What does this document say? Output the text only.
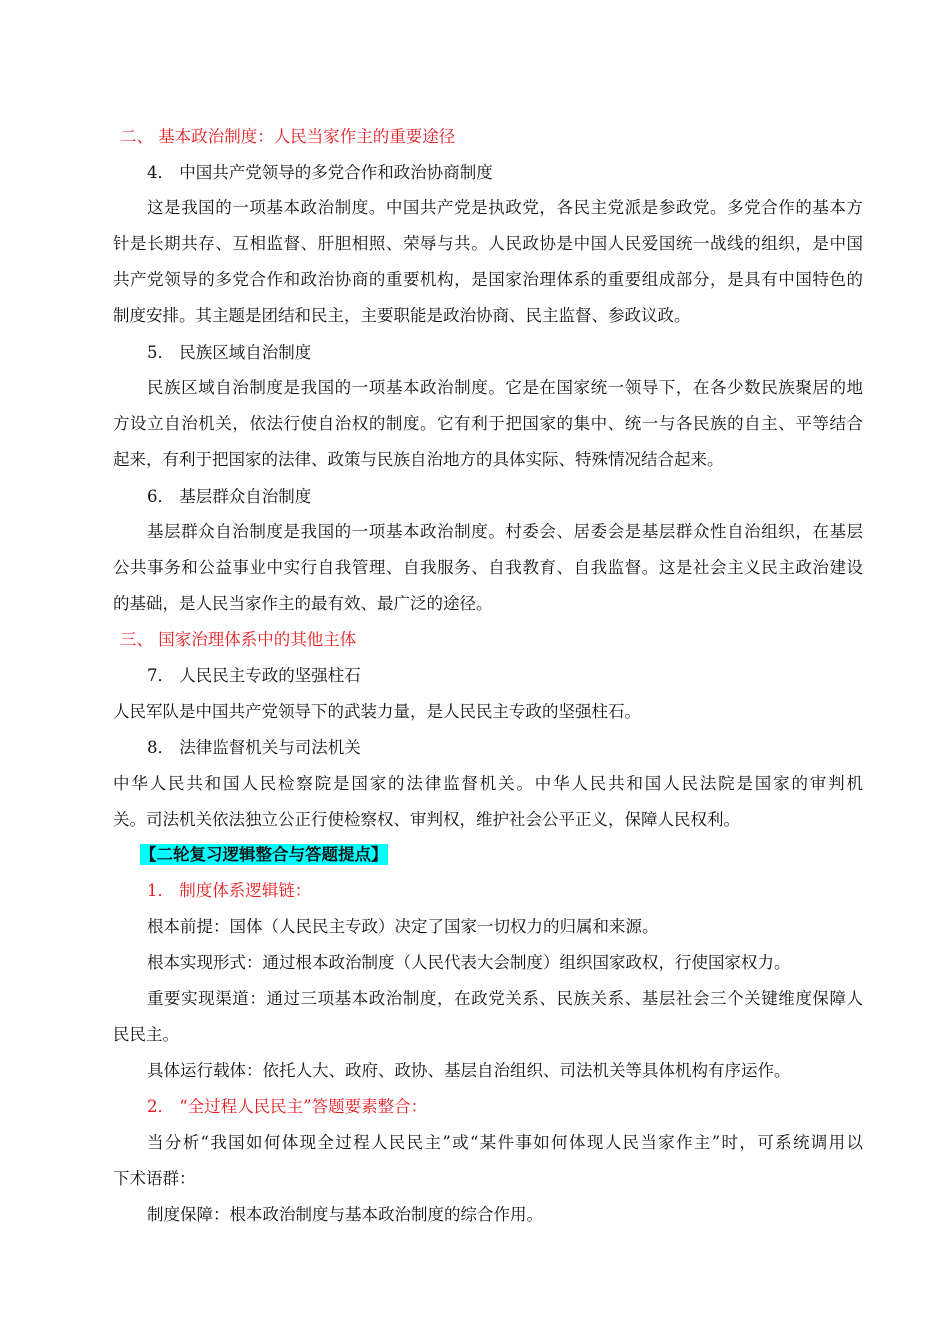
二、 基本政治制度：人民当家作主的重要途径
4． 中国共产党领导的多党合作和政治协商制度
这是我国的一项基本政治制度。中国共产党是执政党，各民主党派是参政党。多党合作的基本方
针是长期共存、互相监督、肝胆相照、荣辱与共。人民政协是中国人民爱国统一战线的组织，是中国
共产党领导的多党合作和政治协商的重要机构，是国家治理体系的重要组成部分，是具有中国特色的
制度安排。其主题是团结和民主，主要职能是政治协商、民主监督、参政议政。
5． 民族区域自治制度
民族区域自治制度是我国的一项基本政治制度。它是在国家统一领导下，在各少数民族聚居的地
方设立自治机关，依法行使自治权的制度。它有利于把国家的集中、统一与各民族的自主、平等结合
起来，有利于把国家的法律、政策与民族自治地方的具体实际、特殊情况结合起来。
6． 基层群众自治制度
基层群众自治制度是我国的一项基本政治制度。村委会、居委会是基层群众性自治组织，在基层
公共事务和公益事业中实行自我管理、自我服务、自我教育、自我监督。这是社会主义民主政治建设
的基础，是人民当家作主的最有效、最广泛的途径。
三、 国家治理体系中的其他主体
7． 人民民主专政的坚强柱石
人民军队是中国共产党领导下的武装力量，是人民民主专政的坚强柱石。
8． 法律监督机关与司法机关
中华人民共和国人民检察院是国家的法律监督机关。中华人民共和国人民法院是国家的审判机
关。司法机关依法独立公正行使检察权、审判权，维护社会公平正义，保障人民权利。
【二轮复习逻辑整合与答题提点】
1． 制度体系逻辑链：
根本前提：国体（人民民主专政）决定了国家一切权力的归属和来源。
根本实现形式：通过根本政治制度（人民代表大会制度）组织国家政权，行使国家权力。
重要实现渠道：通过三项基本政治制度，在政党关系、民族关系、基层社会三个关键维度保障人
民民主。
具体运行载体：依托人大、政府、政协、基层自治组织、司法机关等具体机构有序运作。
2． “全过程人民民主”答题要素整合：
当分析“我国如何体现全过程人民民主”或“某件事如何体现人民当家作主”时，可系统调用以
下术语群：
制度保障：根本政治制度与基本政治制度的综合作用。
